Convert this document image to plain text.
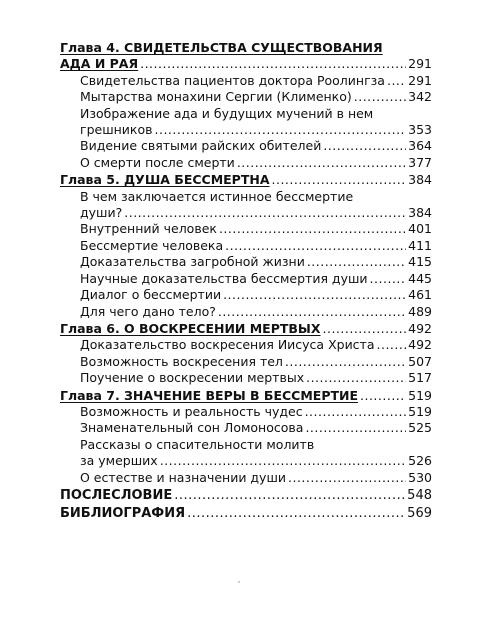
Глава 4. СВИДЕТЕЛЬСТВА СУЩЕСТВОВАНИЯ
АДА И РАЯ .....	291
Свидетельства пациентов доктора Роолингза ..... 291
Мытарства монахини Сергии (Клименко) .....	342
Изображение ада и будущих мучений в нем
грешников .....	353
Видение святыми райских обителей .....	364
О смерти после смерти .....	377
Глава 5. ДУША БЕССМЕРТНА .....	384
В чем заключается истинное бессмертие
души? .....	384
Внутренний человек .....	401
Бессмертие человека .....	411
Доказательства загробной жизни .....	415
Научные доказательства бессмертия души .....	445
Диалог о бессмертии .....	461
Для чего дано тело? .....	489
Глава 6. О ВОСКРЕСЕНИИ МЕРТВЫХ .....	492
Доказательство воскресения Иисуса Христа .....	492
Возможность воскресения тел .....	507
Поучение о воскресении мертвых .....	517
Глава 7. ЗНАЧЕНИЕ ВЕРЫ В БЕССМЕРТИЕ .....	519
Возможность и реальность чудес .....	519
Знаменательный сон Ломоносова .....	525
Рассказы о спасительности молитв
за умерших .....	526
О естестве и назначении души .....	530
ПОСЛЕСЛОВИЕ .....	548
БИБЛИОГРАФИЯ .....	569
